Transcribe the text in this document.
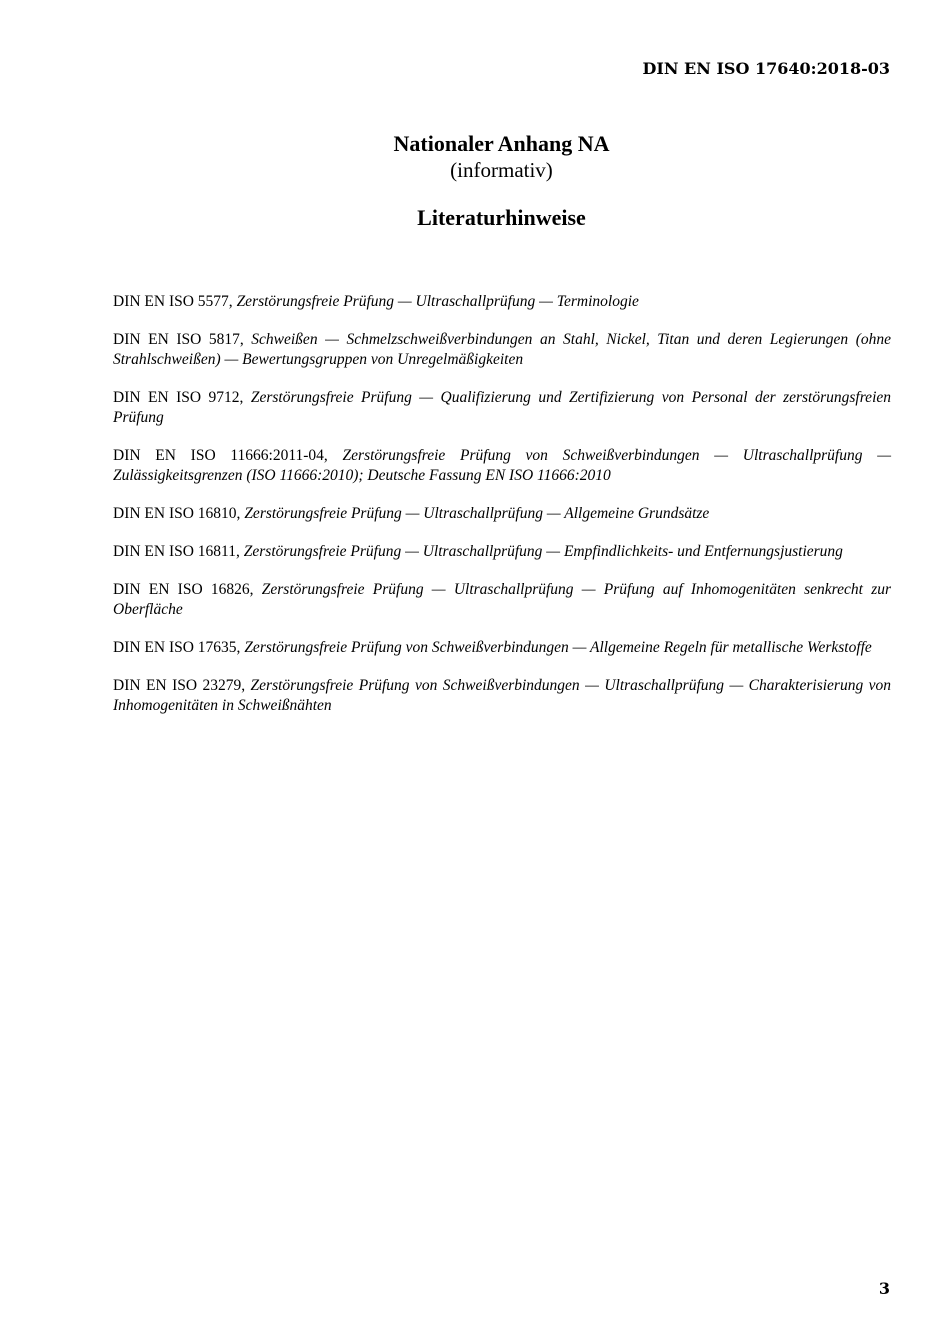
DIN EN ISO 17640:2018-03
Nationaler Anhang NA
(informativ)
Literaturhinweise

DIN EN ISO 5577, Zerstörungsfreie Prüfung — Ultraschallprüfung — Terminologie

DIN EN ISO 5817, Schweißen — Schmelzschweißverbindungen an Stahl, Nickel, Titan und deren Legierungen (ohne Strahlschweißen) — Bewertungsgruppen von Unregelmäßigkeiten

DIN EN ISO 9712, Zerstörungsfreie Prüfung — Qualifizierung und Zertifizierung von Personal der zerstörungsfreien Prüfung

DIN EN ISO 11666:2011-04, Zerstörungsfreie Prüfung von Schweißverbindungen — Ultraschallprüfung — Zulässigkeitsgrenzen (ISO 11666:2010); Deutsche Fassung EN ISO 11666:2010

DIN EN ISO 16810, Zerstörungsfreie Prüfung — Ultraschallprüfung — Allgemeine Grundsätze

DIN EN ISO 16811, Zerstörungsfreie Prüfung — Ultraschallprüfung — Empfindlichkeits- und Entfernungsjustierung

DIN EN ISO 16826, Zerstörungsfreie Prüfung — Ultraschallprüfung — Prüfung auf Inhomogenitäten senkrecht zur Oberfläche

DIN EN ISO 17635, Zerstörungsfreie Prüfung von Schweißverbindungen — Allgemeine Regeln für metallische Werkstoffe

DIN EN ISO 23279, Zerstörungsfreie Prüfung von Schweißverbindungen — Ultraschallprüfung — Charakterisierung von Inhomogenitäten in Schweißnähten

3
